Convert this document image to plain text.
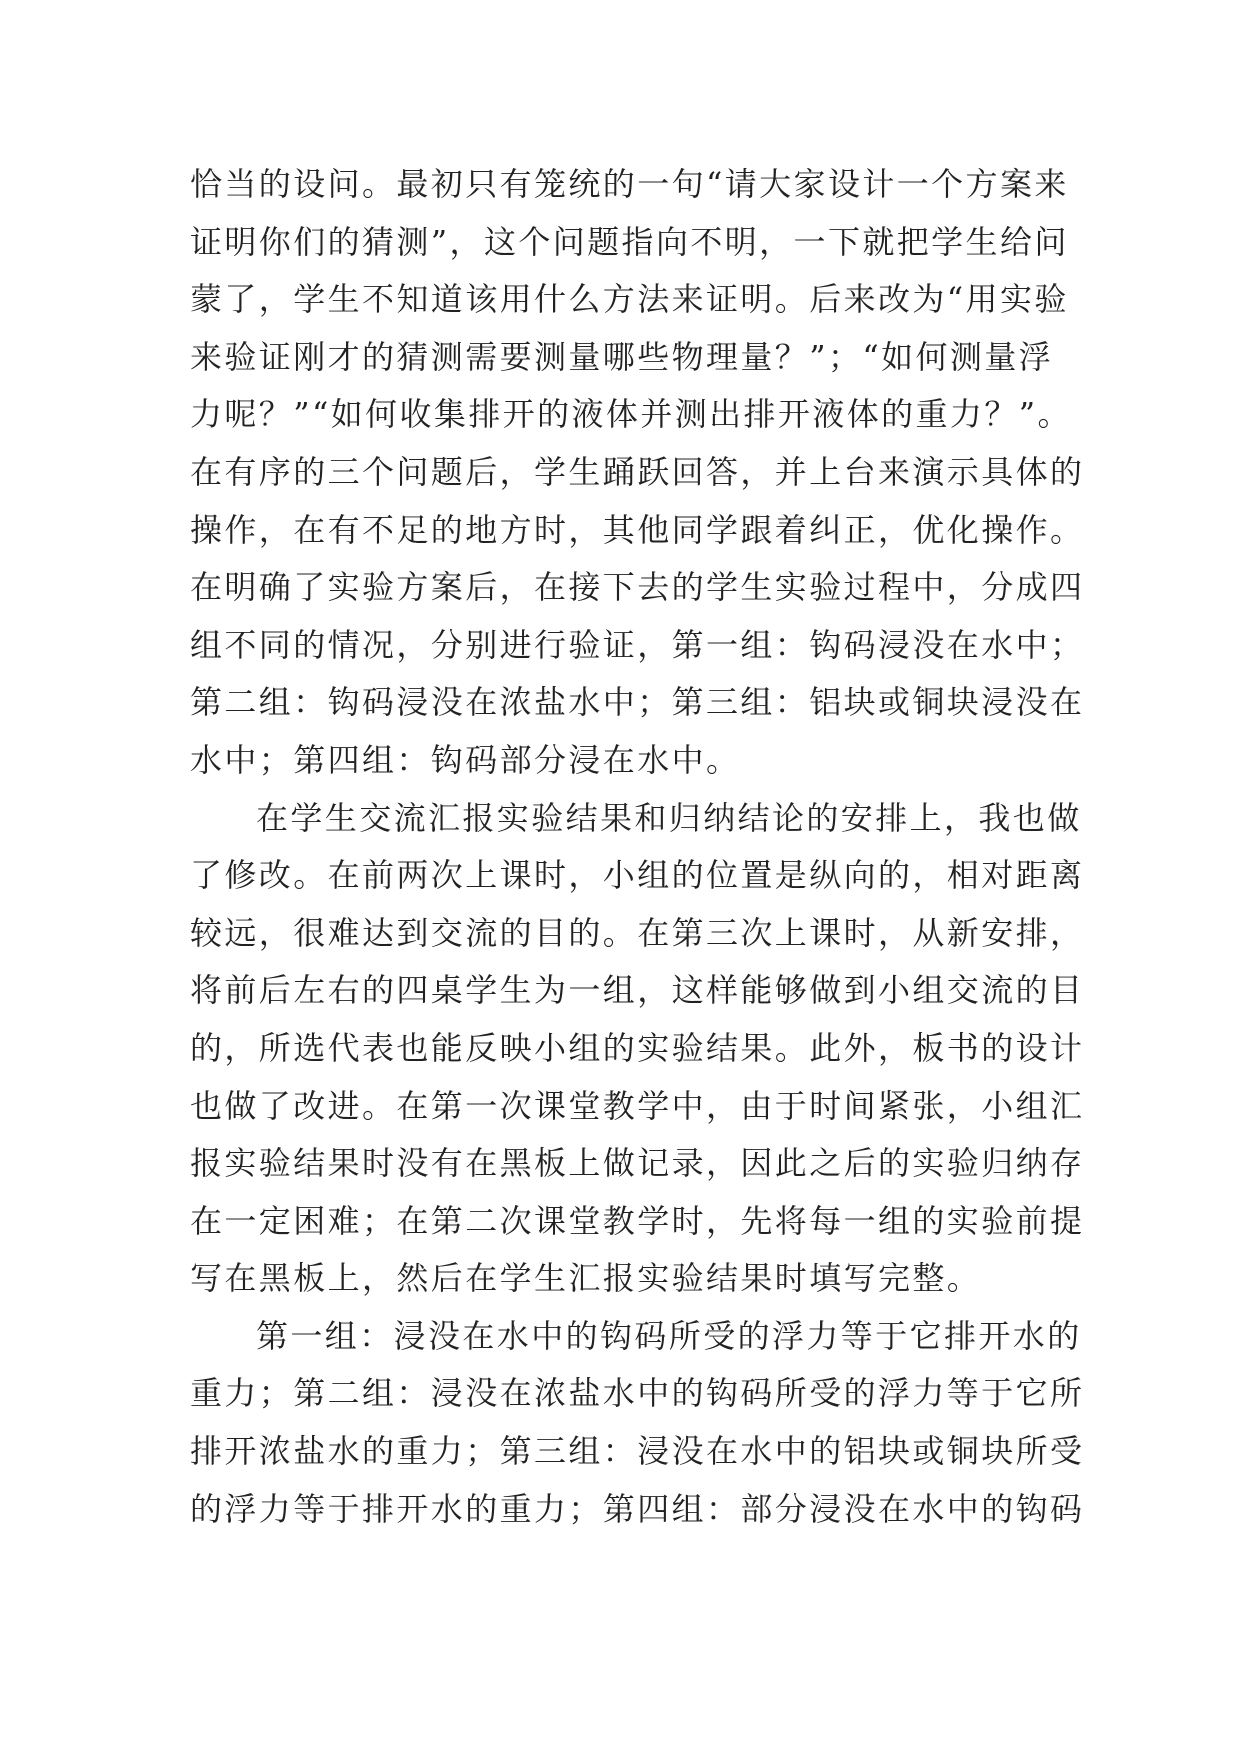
恰当的设问。最初只有笼统的一句“请大家设计一个方案来
证明你们的猜测”，这个问题指向不明，一下就把学生给问
蒙了，学生不知道该用什么方法来证明。后来改为“用实验
来验证刚才的猜测需要测量哪些物理量？”；“如何测量浮
力呢？”“如何收集排开的液体并测出排开液体的重力？”。
在有序的三个问题后，学生踊跃回答，并上台来演示具体的
操作，在有不足的地方时，其他同学跟着纠正，优化操作。
在明确了实验方案后，在接下去的学生实验过程中，分成四
组不同的情况，分别进行验证，第一组：钩码浸没在水中；
第二组：钩码浸没在浓盐水中；第三组：铝块或铜块浸没在
水中；第四组：钩码部分浸在水中。
在学生交流汇报实验结果和归纳结论的安排上，我也做
了修改。在前两次上课时，小组的位置是纵向的，相对距离
较远，很难达到交流的目的。在第三次上课时，从新安排，
将前后左右的四桌学生为一组，这样能够做到小组交流的目
的，所选代表也能反映小组的实验结果。此外，板书的设计
也做了改进。在第一次课堂教学中，由于时间紧张，小组汇
报实验结果时没有在黑板上做记录，因此之后的实验归纳存
在一定困难；在第二次课堂教学时，先将每一组的实验前提
写在黑板上，然后在学生汇报实验结果时填写完整。
第一组：浸没在水中的钩码所受的浮力等于它排开水的
重力；第二组：浸没在浓盐水中的钩码所受的浮力等于它所
排开浓盐水的重力；第三组：浸没在水中的铝块或铜块所受
的浮力等于排开水的重力；第四组：部分浸没在水中的钩码
